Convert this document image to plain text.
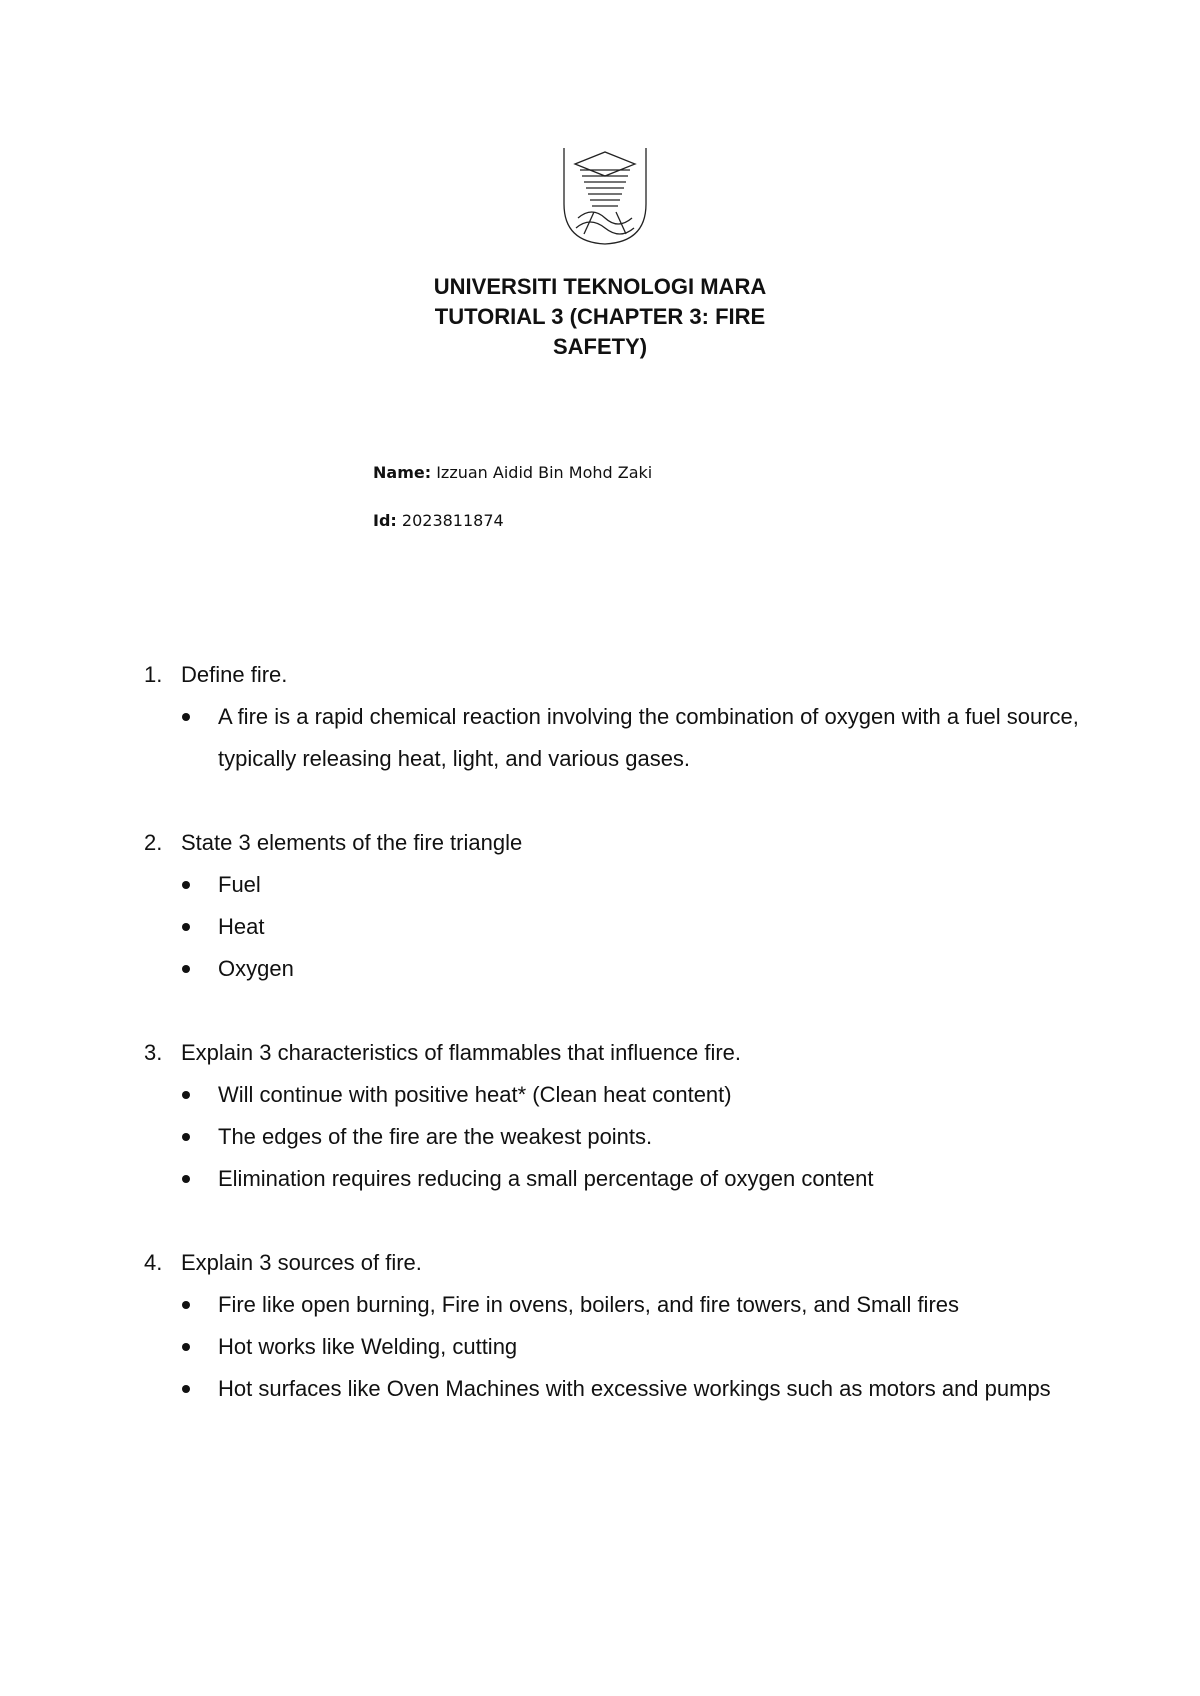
UNIVERSITI TEKNOLOGI MARA
TUTORIAL 3 (CHAPTER 3: FIRE
SAFETY)
Name: Izzuan Aidid Bin Mohd Zaki
Id: 2023811874
1. Define fire.
A fire is a rapid chemical reaction involving the combination of oxygen with a fuel source, typically releasing heat, light, and various gases.
2. State 3 elements of the fire triangle
Fuel
Heat
Oxygen
3. Explain 3 characteristics of flammables that influence fire.
Will continue with positive heat* (Clean heat content)
The edges of the fire are the weakest points.
Elimination requires reducing a small percentage of oxygen content
4. Explain 3 sources of fire.
Fire like open burning, Fire in ovens, boilers, and fire towers, and Small fires
Hot works like Welding, cutting
Hot surfaces like Oven Machines with excessive workings such as motors and pumps
